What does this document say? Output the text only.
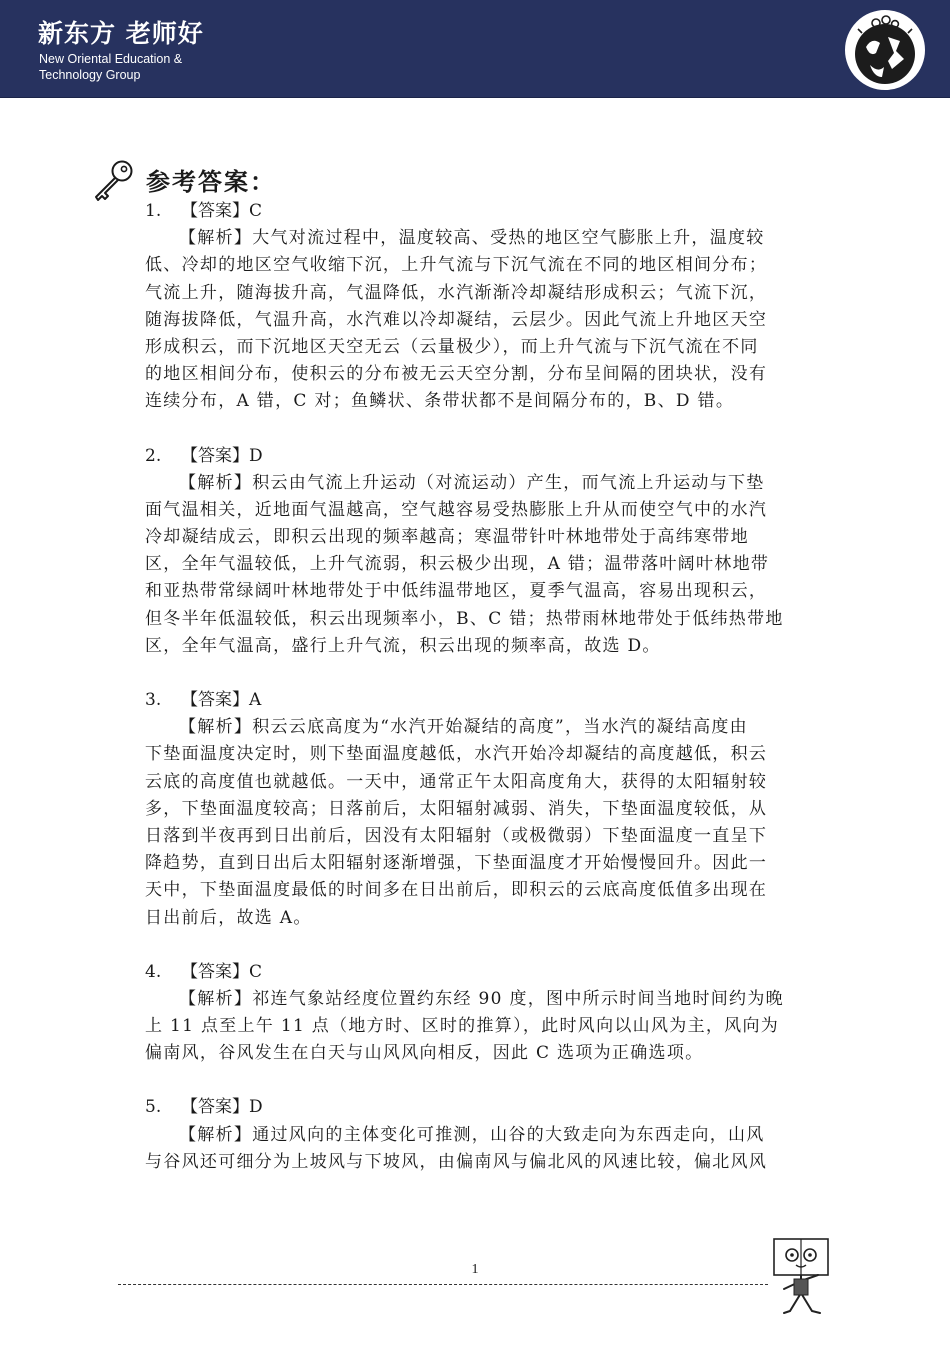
新东方 老师好
New Oriental Education & Technology Group
参考答案：
1. 【答案】C
【解析】大气对流过程中，温度较高、受热的地区空气膨胀上升，温度较
低、冷却的地区空气收缩下沉，上升气流与下沉气流在不同的地区相间分布；
气流上升，随海拔升高，气温降低，水汽渐渐冷却凝结形成积云；气流下沉，
随海拔降低，气温升高，水汽难以冷却凝结，云层少。因此气流上升地区天空
形成积云，而下沉地区天空无云（云量极少），而上升气流与下沉气流在不同
的地区相间分布，使积云的分布被无云天空分割，分布呈间隔的团块状，没有
连续分布，A 错，C 对；鱼鳞状、条带状都不是间隔分布的，B、D 错。
2. 【答案】D
【解析】积云由气流上升运动（对流运动）产生，而气流上升运动与下垫
面气温相关，近地面气温越高，空气越容易受热膨胀上升从而使空气中的水汽
冷却凝结成云，即积云出现的频率越高；寒温带针叶林地带处于高纬寒带地
区，全年气温较低，上升气流弱，积云极少出现，A 错；温带落叶阔叶林地带
和亚热带常绿阔叶林地带处于中低纬温带地区，夏季气温高，容易出现积云，
但冬半年低温较低，积云出现频率小，B、C 错；热带雨林地带处于低纬热带地
区，全年气温高，盛行上升气流，积云出现的频率高，故选 D。
3. 【答案】A
【解析】积云云底高度为“水汽开始凝结的高度”，当水汽的凝结高度由
下垫面温度决定时，则下垫面温度越低，水汽开始冷却凝结的高度越低，积云
云底的高度值也就越低。一天中，通常正午太阳高度角大，获得的太阳辐射较
多，下垫面温度较高；日落前后，太阳辐射减弱、消失，下垫面温度较低，从
日落到半夜再到日出前后，因没有太阳辐射（或极微弱）下垫面温度一直呈下
降趋势，直到日出后太阳辐射逐渐增强，下垫面温度才开始慢慢回升。因此一
天中，下垫面温度最低的时间多在日出前后，即积云的云底高度低值多出现在
日出前后，故选 A。
4. 【答案】C
【解析】祁连气象站经度位置约东经 90 度，图中所示时间当地时间约为晚
上 11 点至上午 11 点（地方时、区时的推算），此时风向以山风为主，风向为
偏南风，谷风发生在白天与山风风向相反，因此 C 选项为正确选项。
5. 【答案】D
【解析】通过风向的主体变化可推测，山谷的大致走向为东西走向，山风
与谷风还可细分为上坡风与下坡风，由偏南风与偏北风的风速比较，偏北风风
1
